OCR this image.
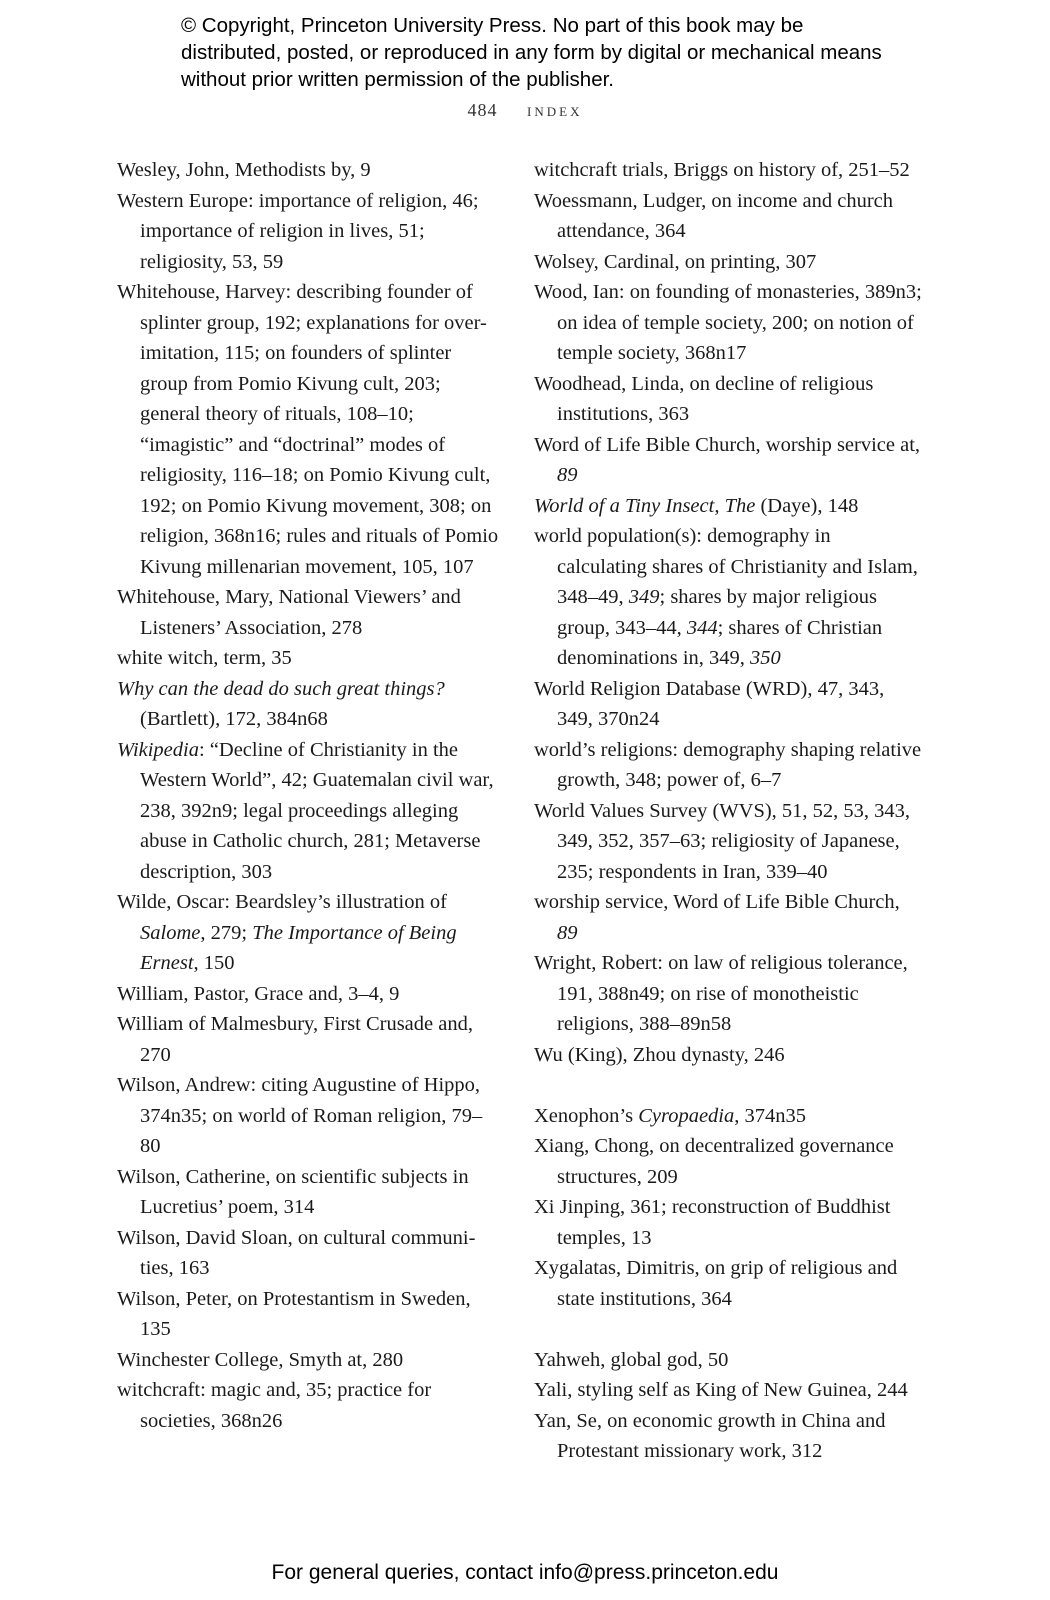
© Copyright, Princeton University Press. No part of this book may be distributed, posted, or reproduced in any form by digital or mechanical means without prior written permission of the publisher.
484 index
Wesley, John, Methodists by, 9
Western Europe: importance of religion, 46; importance of religion in lives, 51; religiosity, 53, 59
Whitehouse, Harvey: describing founder of splinter group, 192; explanations for over-imitation, 115; on founders of splinter group from Pomio Kivung cult, 203; general theory of rituals, 108–10; “imagistic” and “doctrinal” modes of religiosity, 116–18; on Pomio Kivung cult, 192; on Pomio Kivung movement, 308; on religion, 368n16; rules and rituals of Pomio Kivung millenarian movement, 105, 107
Whitehouse, Mary, National Viewers’ and Listeners’ Association, 278
white witch, term, 35
Why can the dead do such great things? (Bartlett), 172, 384n68
Wikipedia: “Decline of Christianity in the Western World”, 42; Guatemalan civil war, 238, 392n9; legal proceedings alleging abuse in Catholic church, 281; Metaverse description, 303
Wilde, Oscar: Beardsley’s illustration of Salome, 279; The Importance of Being Ernest, 150
William, Pastor, Grace and, 3–4, 9
William of Malmesbury, First Crusade and, 270
Wilson, Andrew: citing Augustine of Hippo, 374n35; on world of Roman religion, 79–80
Wilson, Catherine, on scientific subjects in Lucretius’ poem, 314
Wilson, David Sloan, on cultural communi-ties, 163
Wilson, Peter, on Protestantism in Sweden, 135
Winchester College, Smyth at, 280
witchcraft: magic and, 35; practice for societies, 368n26
witchcraft trials, Briggs on history of, 251–52
Woessmann, Ludger, on income and church attendance, 364
Wolsey, Cardinal, on printing, 307
Wood, Ian: on founding of monasteries, 389n3; on idea of temple society, 200; on notion of temple society, 368n17
Woodhead, Linda, on decline of religious institutions, 363
Word of Life Bible Church, worship service at, 89
World of a Tiny Insect, The (Daye), 148
world population(s): demography in calculating shares of Christianity and Islam, 348–49, 349; shares by major religious group, 343–44, 344; shares of Christian denominations in, 349, 350
World Religion Database (WRD), 47, 343, 349, 370n24
world’s religions: demography shaping relative growth, 348; power of, 6–7
World Values Survey (WVS), 51, 52, 53, 343, 349, 352, 357–63; religiosity of Japanese, 235; respondents in Iran, 339–40
worship service, Word of Life Bible Church, 89
Wright, Robert: on law of religious tolerance, 191, 388n49; on rise of monotheistic religions, 388–89n58
Wu (King), Zhou dynasty, 246
Xenophon’s Cyropaedia, 374n35
Xiang, Chong, on decentralized governance structures, 209
Xi Jinping, 361; reconstruction of Buddhist temples, 13
Xygalatas, Dimitris, on grip of religious and state institutions, 364
Yahweh, global god, 50
Yali, styling self as King of New Guinea, 244
Yan, Se, on economic growth in China and Protestant missionary work, 312
For general queries, contact info@press.princeton.edu
